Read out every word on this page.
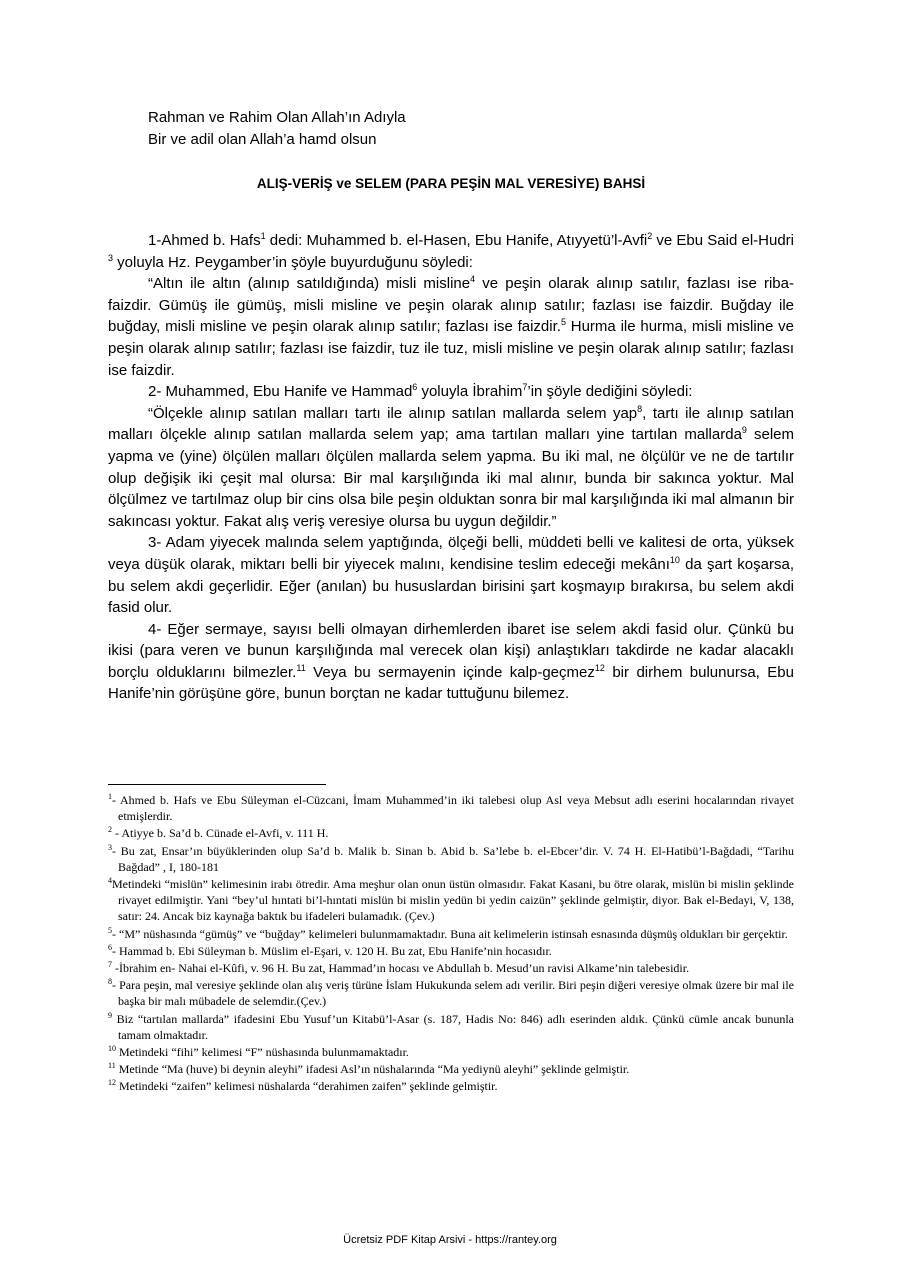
Rahman ve Rahim Olan Allah’ın Adıyla
Bir ve adil olan Allah’a hamd olsun
ALIŞ-VERİŞ ve SELEM (PARA PEŞİN MAL VERESİYE) BAHSİ

1-Ahmed b. Hafs$^1$ dedi: Muhammed b. el-Hasen, Ebu Hanife, Atıyyetü’l-Avfi$^2$ ve Ebu Said el-Hudri $^3$ yoluyla Hz. Peygamber’in şöyle buyurduğunu söyledi:

“Altın ile altın (alınıp satıldığında) misli misline$^4$ ve peşin olarak alınıp satılır, fazlası ise riba-faizdir. Gümüş ile gümüş, misli misline ve peşin olarak alınıp satılır; fazlası ise faizdir. Buğday ile buğday, misli misline ve peşin olarak alınıp satılır; fazlası ise faizdir.$^5$ Hurma ile hurma, misli misline ve peşin olarak alınıp satılır; fazlası ise faizdir, tuz ile tuz, misli misline ve peşin olarak alınıp satılır; fazlası ise faizdir.

2- Muhammed, Ebu Hanife ve Hammad$^6$ yoluyla İbrahim$^7$’in şöyle dediğini söyledi:

“Ölçekle alınıp satılan malları tartı ile alınıp satılan mallarda selem yap$^8$, tartı ile alınıp satılan malları ölçekle alınıp satılan mallarda selem yap; ama tartılan malları yine tartılan mallarda$^9$ selem yapma ve (yine) ölçülen malları ölçülen mallarda selem yapma. Bu iki mal, ne ölçülür ve ne de tartılır olup değişik iki çeşit mal olursa: Bir mal karşılığında iki mal alınır, bunda bir sakınca yoktur. Mal ölçülmez ve tartılmaz olup bir cins olsa bile peşin olduktan sonra bir mal karşılığında iki mal almanın bir sakıncası yoktur. Fakat alış veriş veresiye olursa bu uygun değildir.”

3- Adam yiyecek malında selem yaptığında, ölçeği belli, müddeti belli ve kalitesi de orta, yüksek veya düşük olarak, miktarı belli bir yiyecek malını, kendisine teslim edeceği mekânı$^{10}$ da şart koşarsa, bu selem akdi geçerlidir. Eğer (anılan) bu hususlardan birisini şart koşmayıp bırakırsa, bu selem akdi fasid olur.

4- Eğer sermaye, sayısı belli olmayan dirhemlerden ibaret ise selem akdi fasid olur. Çünkü bu ikisi (para veren ve bunun karşılığında mal verecek olan kişi) anlaştıkları takdirde ne kadar alacaklı borçlu olduklarını bilmezler.$^{11}$ Veya bu sermayenin içinde kalp-geçmez$^{12}$ bir dirhem bulunursa, Ebu Hanife’nin görüşüne göre, bunun borçtan ne kadar tuttuğunu bilemez.

$^1$- Ahmed b. Hafs ve Ebu Süleyman el-Cüzcani, İmam Muhammed’in iki talebesi olup Asl veya Mebsut adlı eserini hocalarından rivayet etmişlerdir.
$^2$ - Atiyye b. Sa’d b. Cünade el-Avfi, v. 111 H.
$^3$- Bu zat, Ensar’ın büyüklerinden olup Sa’d b. Malik b. Sinan b. Abid b. Sa’lebe b. el-Ebcer’dir. V. 74 H. El-Hatibü’l-Bağdadi, “Tarihu Bağdad” , I, 180-181
$^4$Metindeki “mislün” kelimesinin irabı ötredir. Ama meşhur olan onun üstün olmasıdır. Fakat Kasani, bu ötre olarak, mislün bi mislin şeklinde rivayet edilmiştir. Yani “bey’ul hıntati bi’l-hıntati mislün bi mislin yedün bi yedin caizün” şeklinde gelmiştir, diyor. Bak el-Bedayi, V, 138, satır: 24. Ancak biz kaynağa baktık bu ifadeleri bulamadık. (Çev.)
$^5$- “M” nüshasında “gümüş” ve “buğday” kelimeleri bulunmamaktadır. Buna ait kelimelerin istinsah esnasında düşmüş oldukları bir gerçektir.
$^6$- Hammad b. Ebi Süleyman b. Müslim el-Eşari, v. 120 H. Bu zat, Ebu Hanife’nin hocasıdır.
$^7$ -İbrahim en- Nahai el-Kûfi, v. 96 H. Bu zat, Hammad’ın hocası ve Abdullah b. Mesud’un ravisi Alkame’nin talebesidir.
$^8$- Para peşin, mal veresiye şeklinde olan alış veriş türüne İslam Hukukunda selem adı verilir. Biri peşin diğeri veresiye olmak üzere bir mal ile başka bir malı mübadele de selemdir.(Çev.)
$^9$ Biz “tartılan mallarda” ifadesini Ebu Yusuf’un Kitabü’l-Asar (s. 187, Hadis No: 846) adlı eserinden aldık. Çünkü cümle ancak bununla tamam olmaktadır.
$^{10}$ Metindeki “fihi” kelimesi “F” nüshasında bulunmamaktadır.
$^{11}$ Metinde “Ma (huve) bi deynin aleyhi” ifadesi Asl’ın nüshalarında “Ma yediynü aleyhi” şeklinde gelmiştir.
$^{12}$ Metindeki “zaifen” kelimesi nüshalarda “derahimen zaifen” şeklinde gelmiştir.
Ücretsiz PDF Kitap Arsivi - https://rantey.org
